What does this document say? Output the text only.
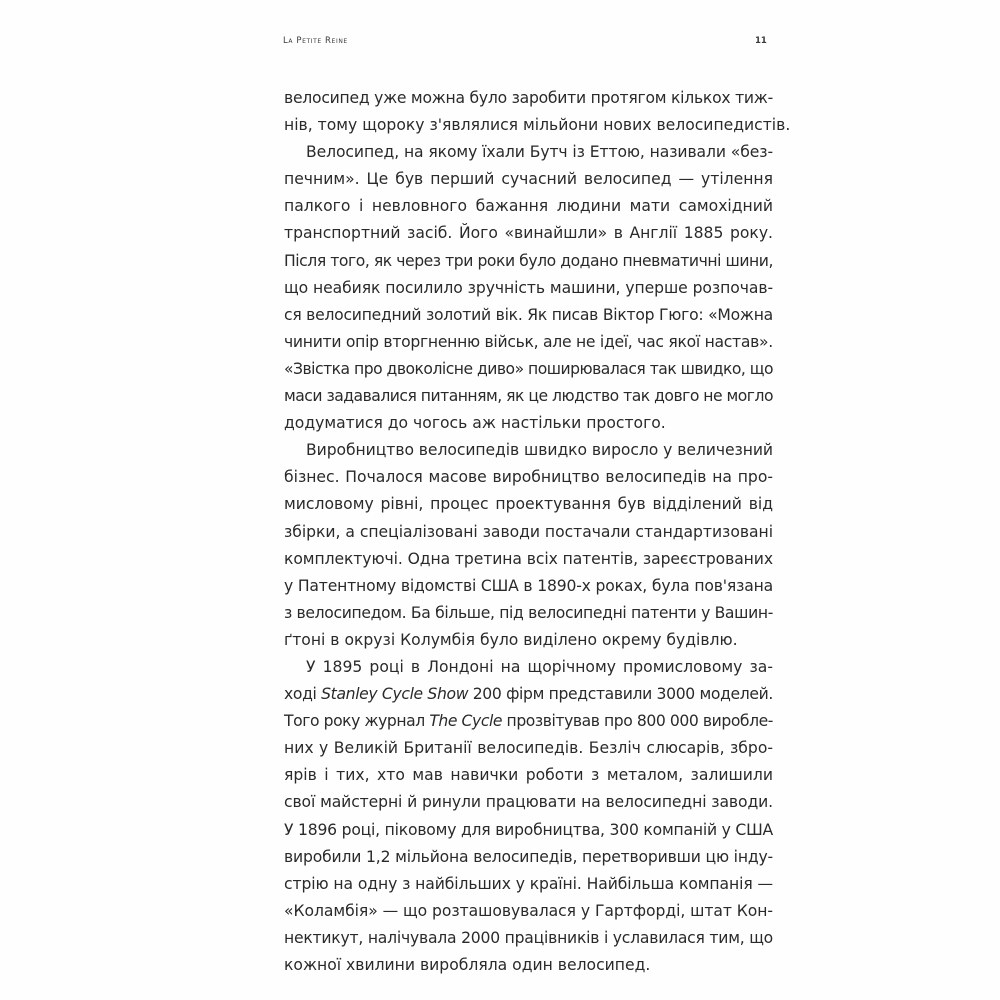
La Petite Reine	11
велосипед уже можна було заробити протягом кількох тиж-
нів, тому щороку з'являлися мільйони нових велосипедистів.
Велосипед, на якому їхали Бутч із Еттою, називали «без-
печним». Це був перший сучасний велосипед — утілення
палкого і невловного бажання людини мати самохідний
транспортний засіб. Його «винайшли» в Англії 1885 року.
Після того, як через три роки було додано пневматичні шини,
що неабияк посилило зручність машини, уперше розпочав-
ся велосипедний золотий вік. Як писав Віктор Гюго: «Можна
чинити опір вторгненню військ, але не ідеї, час якої настав».
«Звістка про двоколісне диво» поширювалася так швидко, що
маси задавалися питанням, як це людство так довго не могло
додуматися до чогось аж настільки простого.
Виробництво велосипедів швидко виросло у величезний
бізнес. Почалося масове виробництво велосипедів на про-
мисловому рівні, процес проектування був відділений від
збірки, а спеціалізовані заводи постачали стандартизовані
комплектуючі. Одна третина всіх патентів, зареєстрованих
у Патентному відомстві США в 1890-х роках, була пов'язана
з велосипедом. Ба більше, під велосипедні патенти у Вашин-
ґтоні в окрузі Колумбія було виділено окрему будівлю.
У 1895 році в Лондоні на щорічному промисловому за-
ході Stanley Cycle Show 200 фірм представили 3000 моделей.
Того року журнал The Cycle прозвітував про 800 000 виробле-
них у Великій Британії велосипедів. Безліч слюсарів, збро-
ярів і тих, хто мав навички роботи з металом, залишили
свої майстерні й ринули працювати на велосипедні заводи.
У 1896 році, піковому для виробництва, 300 компаній у США
виробили 1,2 мільйона велосипедів, перетворивши цю інду-
стрію на одну з найбільших у країні. Найбільша компанія —
«Коламбія» — що розташовувалася у Гартфорді, штат Кон-
нектикут, налічувала 2000 працівників і уславилася тим, що
кожної хвилини виробляла один велосипед.
